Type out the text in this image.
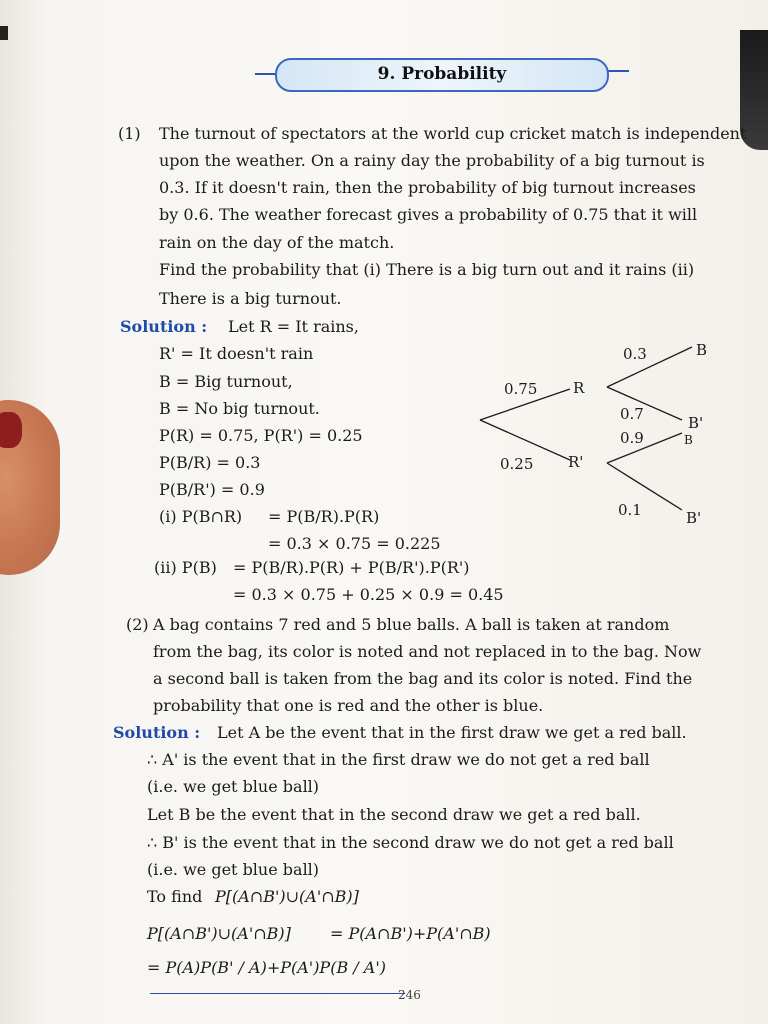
9. Probability
(1) The turnout of spectators at the world cup cricket match is independent
upon the weather. On a rainy day the probability of a big turnout is
0.3. If it doesn't rain, then the probability of big turnout increases
by 0.6. The weather forecast gives a probability of 0.75 that it will
rain on the day of the match.
Find the probability that (i) There is a big turn out and it rains (ii)
There is a big turnout.
Solution : Let R = It rains,
R' = It doesn't rain
B = Big turnout,
B = No big turnout.
P(R) = 0.75, P(R') = 0.25
P(B/R) = 0.3
P(B/R') = 0.9
(i) P(B∩R) = P(B/R).P(R)
= 0.3 × 0.75 = 0.225
(ii) P(B) = P(B/R).P(R) + P(B/R').P(R')
= 0.3 × 0.75 + 0.25 × 0.9 = 0.45
0.75 R
0.25 R'
0.3	B
0.7	B'
0.9	B
0.1	B'
(2) A bag contains 7 red and 5 blue balls. A ball is taken at random
from the bag, its color is noted and not replaced in to the bag. Now
a second ball is taken from the bag and its color is noted. Find the
probability that one is red and the other is blue.
Solution : Let A be the event that in the first draw we get a red ball.
∴ A' is the event that in the first draw we do not get a red ball
(i.e. we get blue ball)
Let B be the event that in the second draw we get a red ball.
∴ B' is the event that in the second draw we do not get a red ball
(i.e. we get blue ball)
To find P[(A∩B')∪(A'∩B)]
P[(A∩B')∪(A'∩B)] = P(A∩B')+P(A'∩B)
= P(A)P(B' / A)+P(A')P(B / A')
246
